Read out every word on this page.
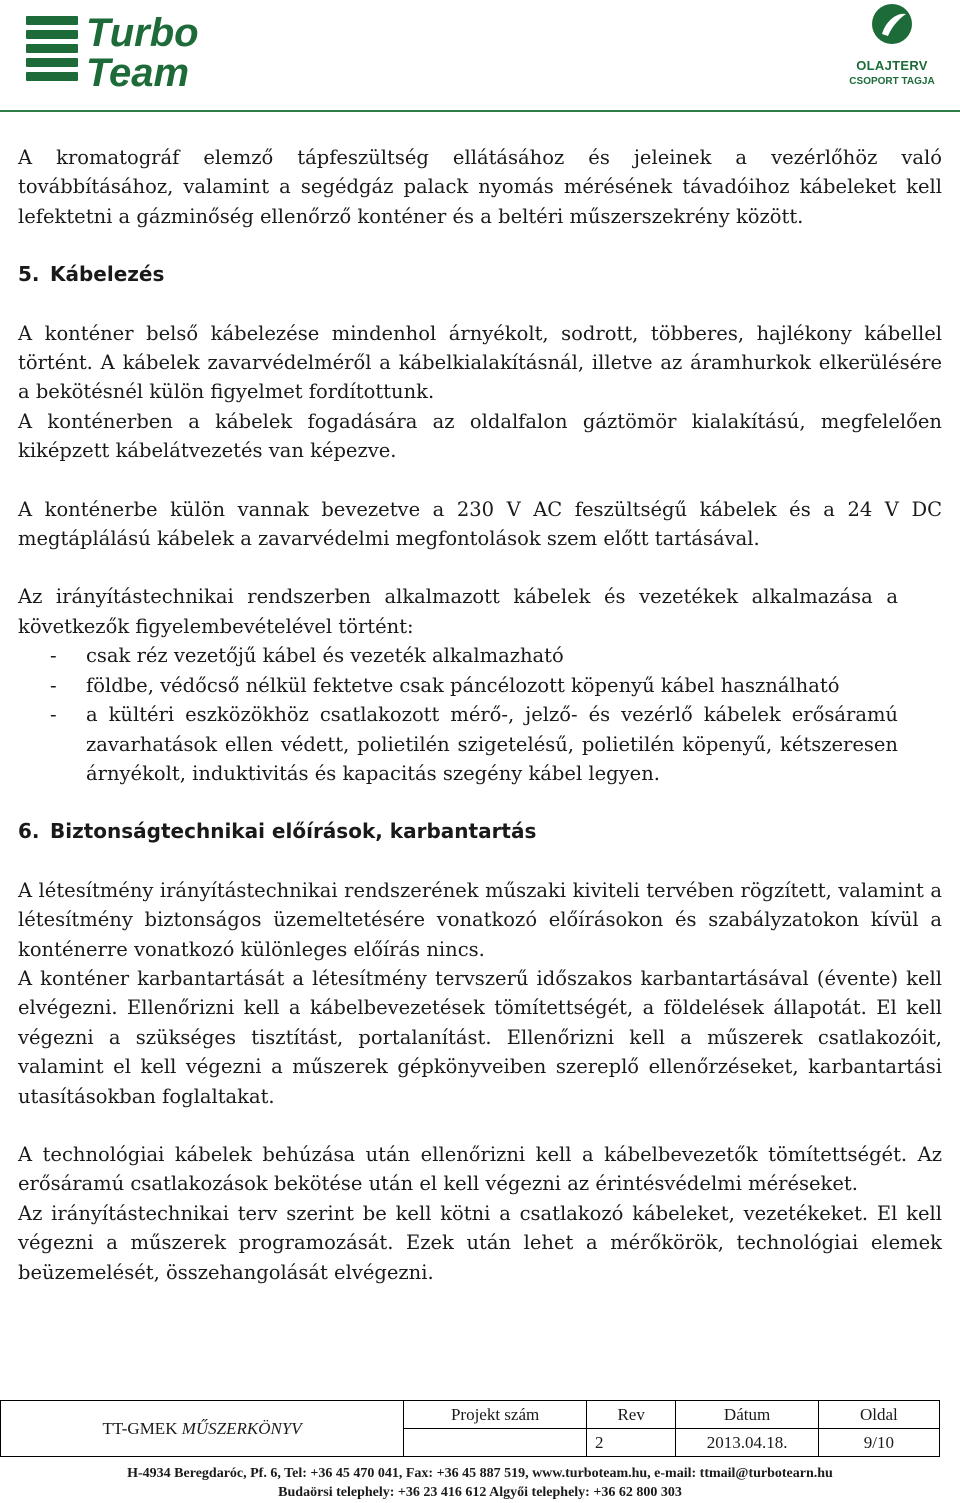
Turbo
Team	OLAJTERV
CSOPORT TAGJA

A kromatográf elemző tápfeszültség ellátásához és jeleinek a vezérlőhöz való továbbításához, valamint a segédgáz palack nyomás mérésének távadóihoz kábeleket kell lefektetni a gázminőség ellenőrző konténer és a beltéri műszerszekrény között.

5. Kábelezés

A konténer belső kábelezése mindenhol árnyékolt, sodrott, többeres, hajlékony kábellel történt. A kábelek zavarvédelméről a kábelkialakításnál, illetve az áramhurkok elkerülésére a bekötésnél külön figyelmet fordítottunk.

A konténerben a kábelek fogadására az oldalfalon gáztömör kialakítású, megfelelően kiképzett kábelátvezetés van képezve.

A konténerbe külön vannak bevezetve a 230 V AC feszültségű kábelek és a 24 V DC megtáplálású kábelek a zavarvédelmi megfontolások szem előtt tartásával.

Az irányítástechnikai rendszerben alkalmazott kábelek és vezetékek alkalmazása a következők figyelembevételével történt:

- csak réz vezetőjű kábel és vezeték alkalmazható
- földbe, védőcső nélkül fektetve csak páncélozott köpenyű kábel használható
- a kültéri eszközökhöz csatlakozott mérő-, jelző- és vezérlő kábelek erősáramú zavarhatások ellen védett, polietilén szigetelésű, polietilén köpenyű, kétszeresen árnyékolt, induktivitás és kapacitás szegény kábel legyen.
6. Biztonságtechnikai előírások, karbantartás

A létesítmény irányítástechnikai rendszerének műszaki kiviteli tervében rögzített, valamint a létesítmény biztonságos üzemeltetésére vonatkozó előírásokon és szabályzatokon kívül a konténerre vonatkozó különleges előírás nincs.

A konténer karbantartását a létesítmény tervszerű időszakos karbantartásával (évente) kell elvégezni. Ellenőrizni kell a kábelbevezetések tömítettségét, a földelések állapotát. El kell végezni a szükséges tisztítást, portalanítást. Ellenőrizni kell a műszerek csatlakozóit, valamint el kell végezni a műszerek gépkönyveiben szereplő ellenőrzéseket, karbantartási utasításokban foglaltakat.

A technológiai kábelek behúzása után ellenőrizni kell a kábelbevezetők tömítettségét. Az erősáramú csatlakozások bekötése után el kell végezni az érintésvédelmi méréseket.

Az irányítástechnikai terv szerint be kell kötni a csatlakozó kábeleket, vezetékeket. El kell végezni a műszerek programozását. Ezek után lehet a mérőkörök, technológiai elemek beüzemelését, összehangolását elvégezni.

TT-GMEK MŰSZERKÖNYV	Projekt szám	Rev	Dátum	Oldal
		2	2013.04.18.	9/10
H-4934 Beregdaróc, Pf. 6, Tel: +36 45 470 041, Fax: +36 45 887 519, www.turboteam.hu, e-mail: ttmail@turbotearn.hu
Budaörsi telephely: +36 23 416 612 Algyői telephely: +36 62 800 303
